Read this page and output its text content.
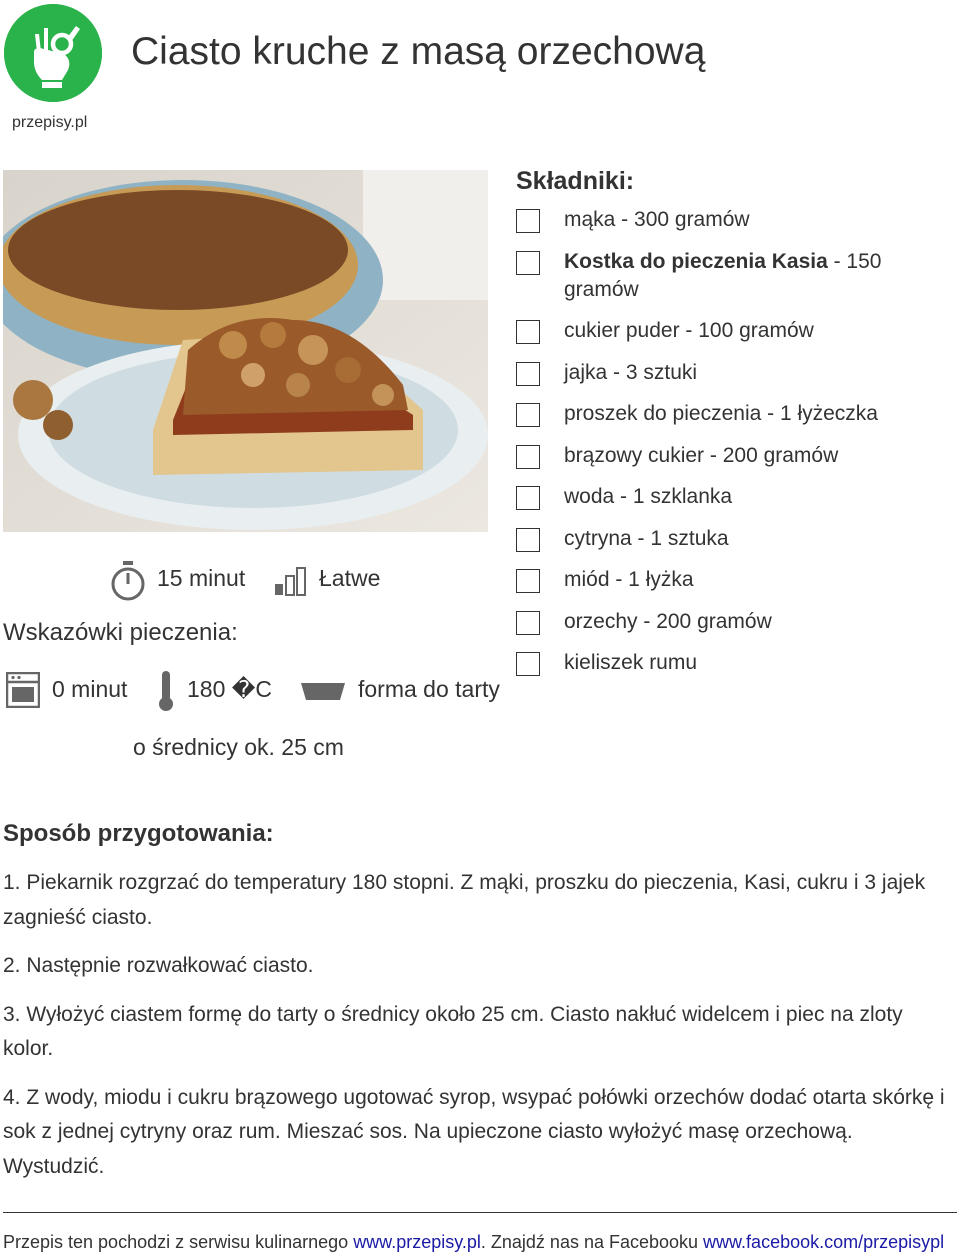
przepisy.pl
Ciasto kruche z masą orzechową
15 minut	Łatwe
Wskazówki pieczenia:
0 minut	180 �C	forma do tarty
o średnicy ok. 25 cm
Składniki:
mąka - 300 gramów
Kostka do pieczenia Kasia - 150 gramów
cukier puder - 100 gramów
jajka - 3 sztuki
proszek do pieczenia - 1 łyżeczka
brązowy cukier - 200 gramów
woda - 1 szklanka
cytryna - 1 sztuka
miód - 1 łyżka
orzechy - 200 gramów
kieliszek rumu
Sposób przygotowania:

1. Piekarnik rozgrzać do temperatury 180 stopni. Z mąki, proszku do pieczenia, Kasi, cukru i 3 jajek zagnieść ciasto.

2. Następnie rozwałkować ciasto.

3. Wyłożyć ciastem formę do tarty o średnicy około 25 cm. Ciasto nakłuć widelcem i piec na zloty kolor.

4. Z wody, miodu i cukru brązowego ugotować syrop, wsypać połówki orzechów dodać otarta skórkę i sok z jednej cytryny oraz rum. Mieszać sos. Na upieczone ciasto wyłożyć masę orzechową. Wystudzić.

Przepis ten pochodzi z serwisu kulinarnego www.przepisy.pl. Znajdź nas na Facebooku www.facebook.com/przepisypl
